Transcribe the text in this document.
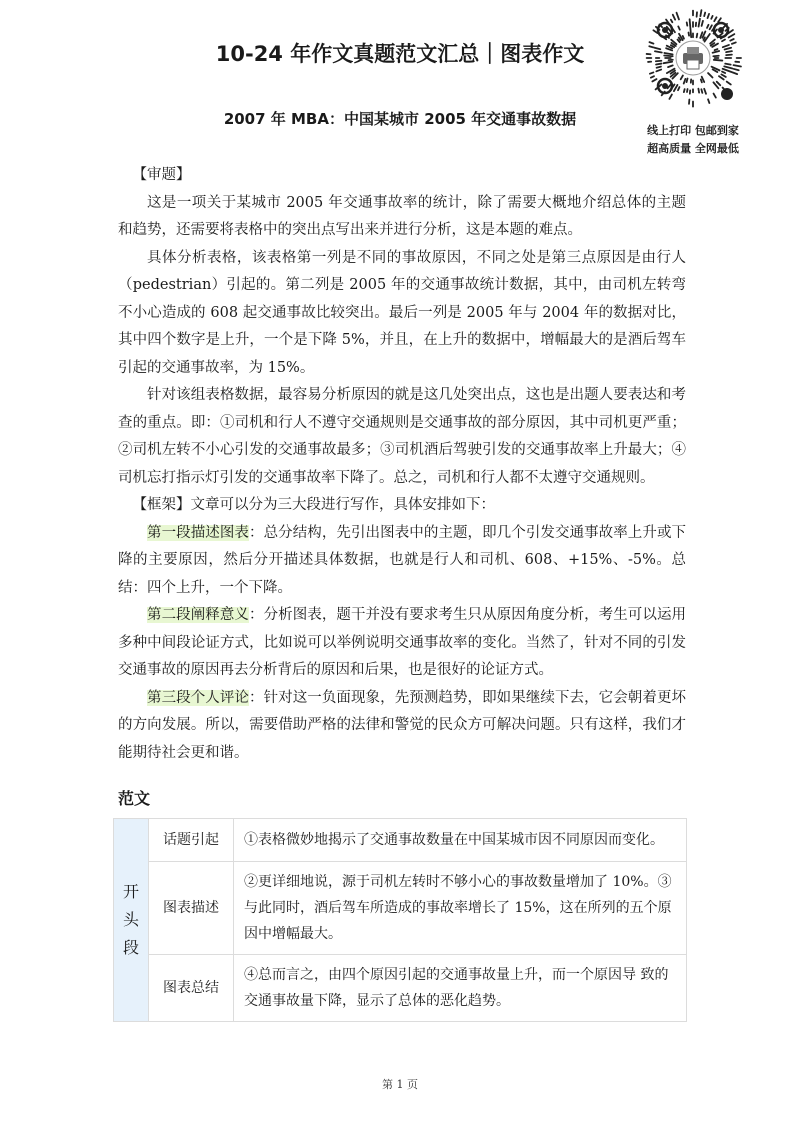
10-24 年作文真题范文汇总｜图表作文
2007 年 MBA：中国某城市 2005 年交通事故数据

线上打印 包邮到家

超高质量 全网最低

【审题】

这是一项关于某城市 2005 年交通事故率的统计，除了需要大概地介绍总体的主题和趋势，还需要将表格中的突出点写出来并进行分析，这是本题的难点。

具体分析表格，该表格第一列是不同的事故原因，不同之处是第三点原因是由行人（pedestrian）引起的。第二列是 2005 年的交通事故统计数据，其中，由司机左转弯不小心造成的 608 起交通事故比较突出。最后一列是 2005 年与 2004 年的数据对比，其中四个数字是上升，一个是下降 5%，并且，在上升的数据中，增幅最大的是酒后驾车引起的交通事故率，为 15%。

针对该组表格数据，最容易分析原因的就是这几处突出点，这也是出题人要表达和考查的重点。即：①司机和行人不遵守交通规则是交通事故的部分原因，其中司机更严重；②司机左转不小心引发的交通事故最多；③司机酒后驾驶引发的交通事故率上升最大；④司机忘打指示灯引发的交通事故率下降了。总之，司机和行人都不太遵守交通规则。

【框架】文章可以分为三大段进行写作，具体安排如下：

第一段描述图表：总分结构，先引出图表中的主题，即几个引发交通事故率上升或下降的主要原因，然后分开描述具体数据，也就是行人和司机、608、+15%、-5%。总结：四个上升，一个下降。

第二段阐释意义：分析图表，题干并没有要求考生只从原因角度分析，考生可以运用多种中间段论证方式，比如说可以举例说明交通事故率的变化。当然了，针对不同的引发交通事故的原因再去分析背后的原因和后果，也是很好的论证方式。

第三段个人评论：针对这一负面现象，先预测趋势，即如果继续下去，它会朝着更坏的方向发展。所以，需要借助严格的法律和警觉的民众方可解决问题。只有这样，我们才能期待社会更和谐。

范文
开
头
段	话题引起	①表格微妙地揭示了交通事故数量在中国某城市因不同原因而变化。
	图表描述	②更详细地说，源于司机左转时不够小心的事故数量增加了 10%。③与此同时，酒后驾车所造成的事故率增长了 15%，这在所列的五个原因中增幅最大。
	图表总结	④总而言之，由四个原因引起的交通事故量上升，而一个原因导 致的交通事故量下降，显示了总体的恶化趋势。

第 1 页
